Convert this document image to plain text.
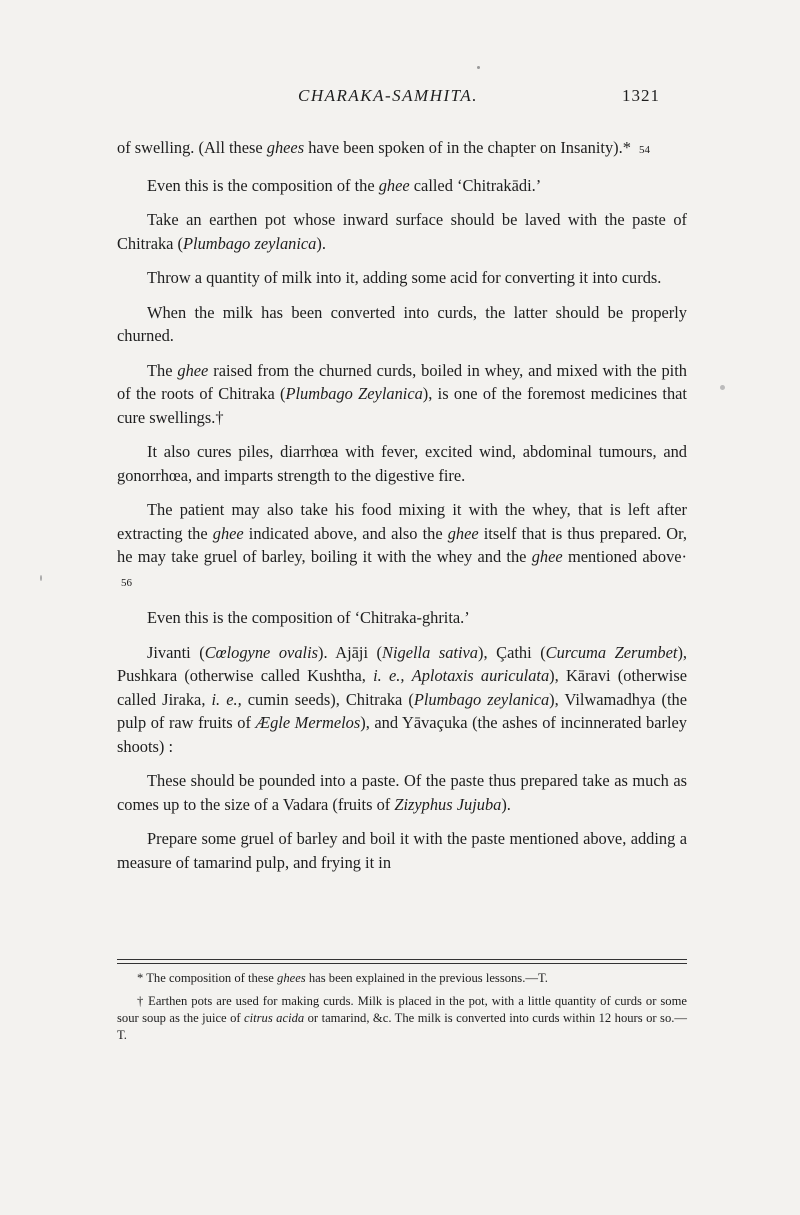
CHARAKA-SAMHITA.	1321

of swelling. (All these ghees have been spoken of in the chapter on Insanity).* 54

Even this is the composition of the ghee called ‘Chitrakādi.’

Take an earthen pot whose inward surface should be laved with the paste of Chitraka (Plumbago zeylanica).

Throw a quantity of milk into it, adding some acid for converting it into curds.

When the milk has been converted into curds, the latter should be properly churned.

The ghee raised from the churned curds, boiled in whey, and mixed with the pith of the roots of Chitraka (Plumbago Zeylanica), is one of the foremost medicines that cure swellings.†

It also cures piles, diarrhœa with fever, excited wind, abdominal tumours, and gonorrhœa, and imparts strength to the digestive fire.

The patient may also take his food mixing it with the whey, that is left after extracting the ghee indicated above, and also the ghee itself that is thus prepared. Or, he may take gruel of barley, boiling it with the whey and the ghee mentioned above· 56

Even this is the composition of ‘Chitraka-ghrita.’

Jivanti (Cœlogyne ovalis). Ajāji (Nigella sativa), Çathi (Curcuma Zerumbet), Pushkara (otherwise called Kushtha, i. e., Aplotaxis auriculata), Kāravi (otherwise called Jiraka, i. e., cumin seeds), Chitraka (Plumbago zeylanica), Vilwamadhya (the pulp of raw fruits of Ægle Mermelos), and Yāvaçuka (the ashes of incinnerated barley shoots) :

These should be pounded into a paste. Of the paste thus prepared take as much as comes up to the size of a Vadara (fruits of Zizyphus Jujuba).

Prepare some gruel of barley and boil it with the paste mentioned above, adding a measure of tamarind pulp, and frying it in

* The composition of these ghees has been explained in the previous lessons.—T.

† Earthen pots are used for making curds. Milk is placed in the pot, with a little quantity of curds or some sour soup as the juice of citrus acida or tamarind, &c. The milk is converted into curds within 12 hours or so.—T.
